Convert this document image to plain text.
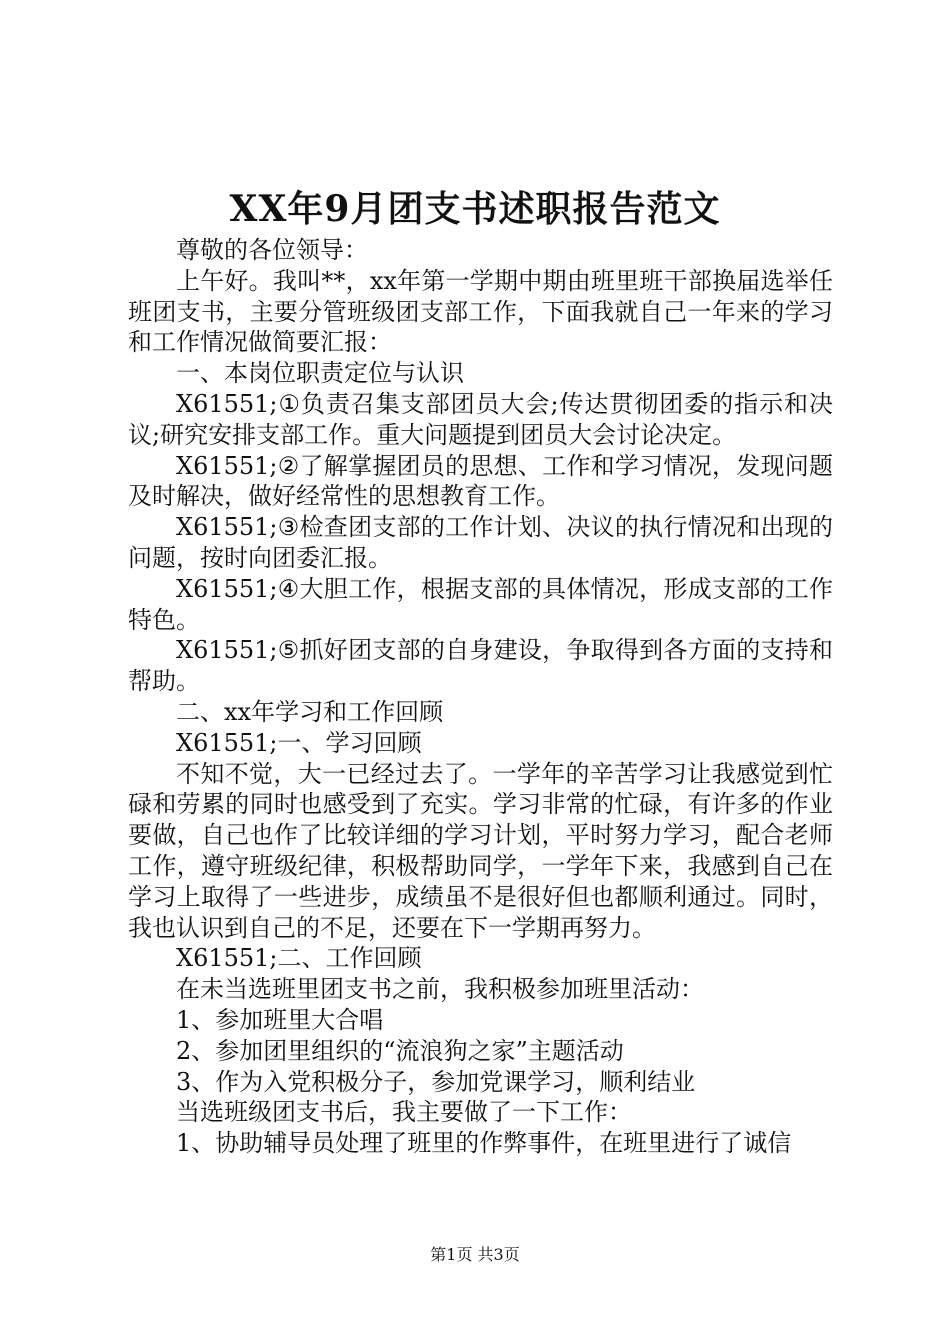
XX年9月团支书述职报告范文

尊敬的各位领导：

上午好。我叫**，xx年第一学期中期由班里班干部换届选举任班团支书，主要分管班级团支部工作，下面我就自己一年来的学习和工作情况做简要汇报：

一、本岗位职责定位与认识

X61551;①负责召集支部团员大会;传达贯彻团委的指示和决议;研究安排支部工作。重大问题提到团员大会讨论决定。

X61551;②了解掌握团员的思想、工作和学习情况，发现问题及时解决，做好经常性的思想教育工作。

X61551;③检查团支部的工作计划、决议的执行情况和出现的问题，按时向团委汇报。

X61551;④大胆工作，根据支部的具体情况，形成支部的工作特色。

X61551;⑤抓好团支部的自身建设，争取得到各方面的支持和帮助。

二、xx年学习和工作回顾

X61551;一、学习回顾

不知不觉，大一已经过去了。一学年的辛苦学习让我感觉到忙碌和劳累的同时也感受到了充实。学习非常的忙碌，有许多的作业要做，自己也作了比较详细的学习计划，平时努力学习，配合老师工作，遵守班级纪律，积极帮助同学，一学年下来，我感到自己在学习上取得了一些进步，成绩虽不是很好但也都顺利通过。同时，我也认识到自己的不足，还要在下一学期再努力。

X61551;二、工作回顾

在未当选班里团支书之前，我积极参加班里活动：

1、参加班里大合唱

2、参加团里组织的“流浪狗之家”主题活动

3、作为入党积极分子，参加党课学习，顺利结业

当选班级团支书后，我主要做了一下工作：

1、协助辅导员处理了班里的作弊事件，在班里进行了诚信

第1页 共3页
